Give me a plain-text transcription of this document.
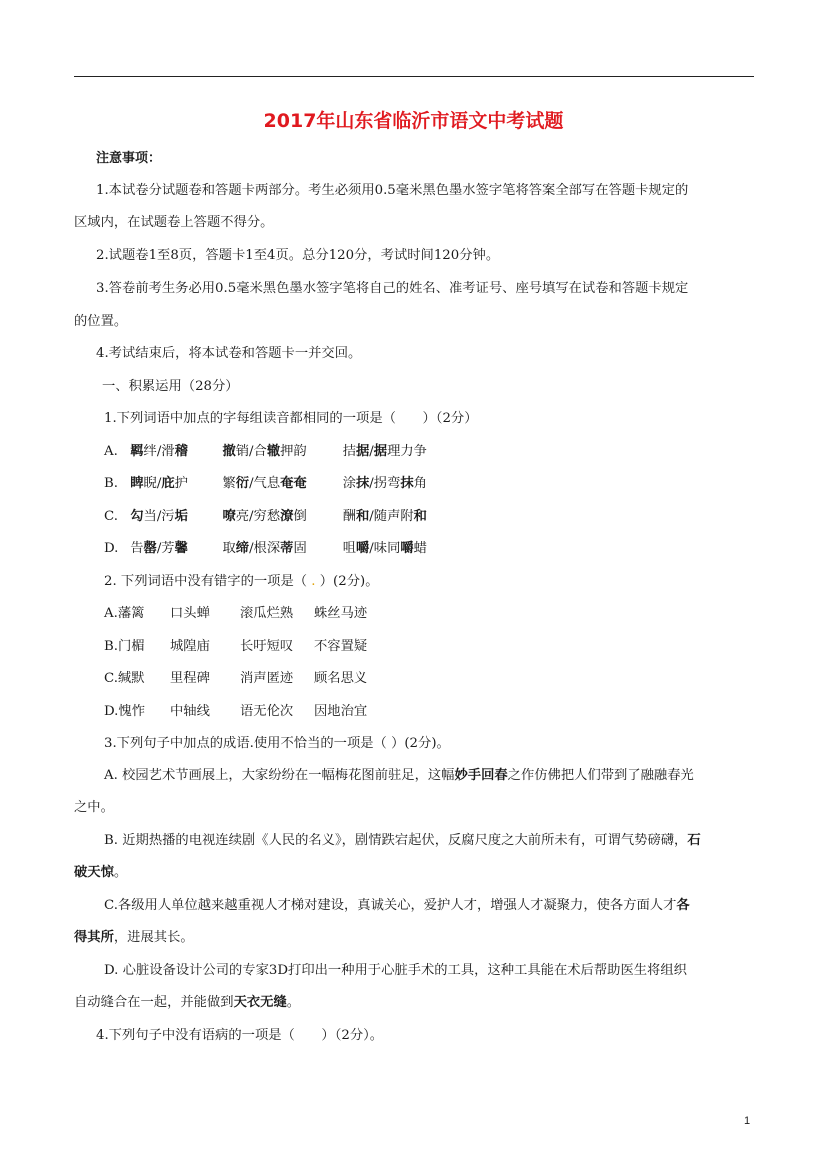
2017年山东省临沂市语文中考试题
注意事项：
1.本试卷分试题卷和答题卡两部分。考生必须用0.5毫米黑色墨水签字笔将答案全部写在答题卡规定的
区域内，在试题卷上答题不得分。
2.试题卷1至8页，答题卡1至4页。总分120分，考试时间120分钟。
3.答卷前考生务必用0.5毫米黑色墨水签字笔将自己的姓名、准考证号、座号填写在试卷和答题卡规定
的位置。
4.考试结束后，将本试卷和答题卡一并交回。
一、积累运用（28分）
1.下列词语中加点的字每组读音都相同的一项是（　　）（2分）
A. 羁绊/滑稽	撤销/合辙押韵	拮据/据理力争
B. 睥睨/庇护	繁衍/气息奄奄	涂抹/拐弯抹角
C. 勾当/污垢	嘹亮/穷愁潦倒	酬和/随声附和
D. 告罄/芳馨	取缔/根深蒂固	咀嚼/味同嚼蜡
2. 下列词语中没有错字的一项是（ . ）(2分)。
A.藩篱 口头蝉 滚瓜烂熟 蛛丝马迹
B.门楣 城隍庙 长吁短叹 不容置疑
C.缄默 里程碑 消声匿迹 顾名思义
D.愧怍 中轴线 语无伦次 因地治宜
3.下列句子中加点的成语.使用不恰当的一项是（ ）(2分)。
A. 校园艺术节画展上，大家纷纷在一幅梅花图前驻足，这幅妙手回春之作仿佛把人们带到了融融春光
之中。
B. 近期热播的电视连续剧《人民的名义》，剧情跌宕起伏，反腐尺度之大前所未有，可谓气势磅礴，石
破天惊。
C.各级用人单位越来越重视人才梯对建设，真诚关心，爱护人才，增强人才凝聚力，使各方面人才各
得其所，进展其长。
D. 心脏设备设计公司的专家3D打印出一种用于心脏手术的工具，这种工具能在术后帮助医生将组织
自动缝合在一起，并能做到天衣无缝。
4.下列句子中没有语病的一项是（　　）（2分）。
1
